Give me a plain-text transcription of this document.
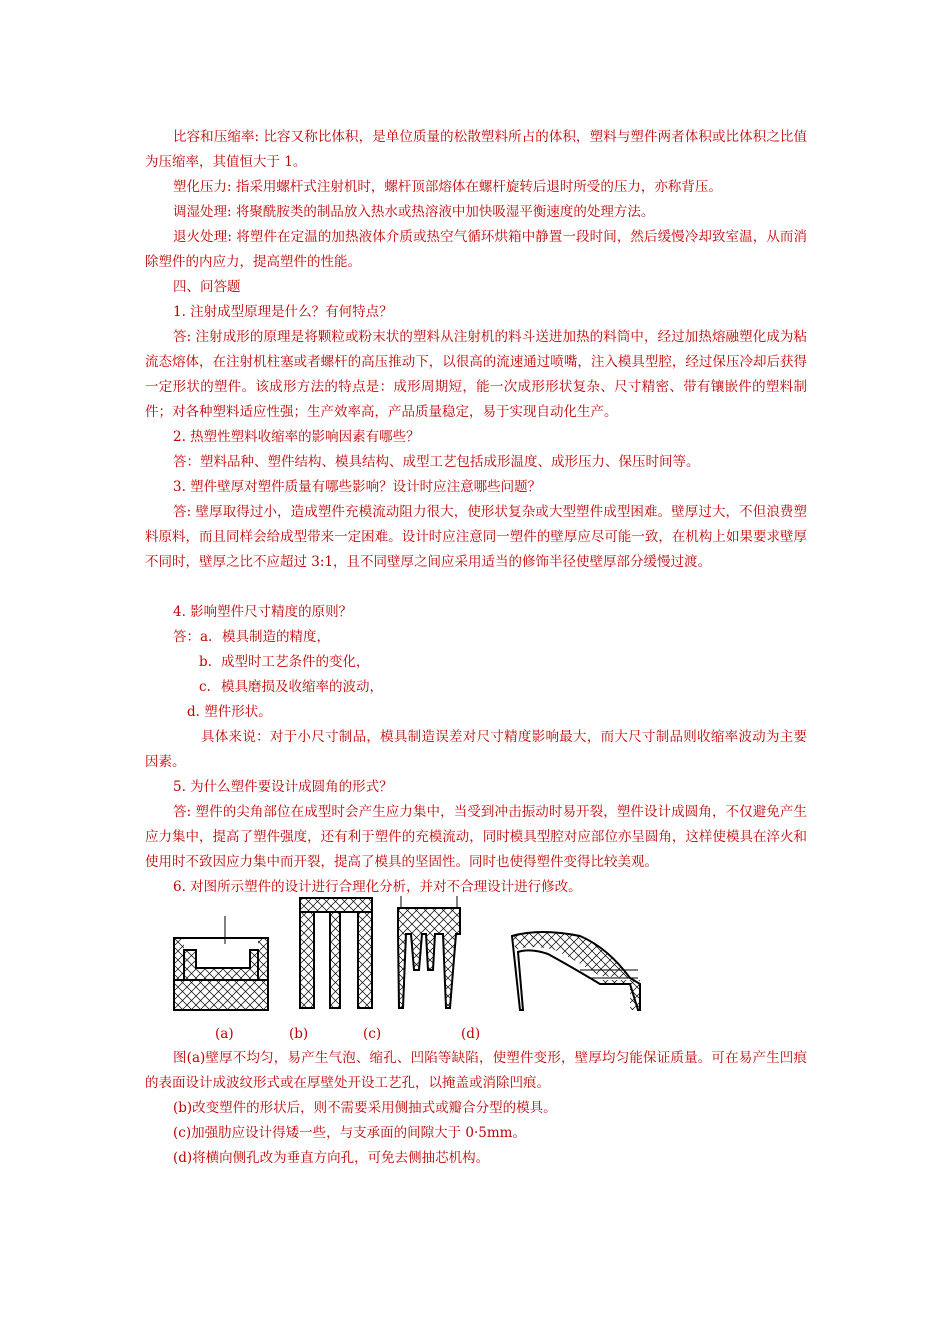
比容和压缩率: 比容又称比体积，是单位质量的松散塑料所占的体积，塑料与塑件两者体积或比体积之比值为压缩率，其值恒大于 1。

塑化压力: 指采用螺杆式注射机时，螺杆顶部熔体在螺杆旋转后退时所受的压力，亦称背压。

调湿处理: 将聚酰胺类的制品放入热水或热溶液中加快吸湿平衡速度的处理方法。

退火处理: 将塑件在定温的加热液体介质或热空气循环烘箱中静置一段时间，然后缓慢冷却致室温，从而消除塑件的内应力，提高塑件的性能。

四、问答题

1. 注射成型原理是什么？有何特点？

答: 注射成形的原理是将颗粒或粉末状的塑料从注射机的料斗送进加热的料筒中，经过加热熔融塑化成为粘流态熔体，在注射机柱塞或者螺杆的高压推动下，以很高的流速通过喷嘴，注入模具型腔，经过保压冷却后获得一定形状的塑件。该成形方法的特点是：成形周期短，能一次成形形状复杂、尺寸精密、带有镶嵌件的塑料制件；对各种塑料适应性强；生产效率高，产品质量稳定，易于实现自动化生产。

2. 热塑性塑料收缩率的影响因素有哪些？

答：塑料品种、塑件结构、模具结构、成型工艺包括成形温度、成形压力、保压时间等。

3. 塑件壁厚对塑件质量有哪些影响？设计时应注意哪些问题？

答: 壁厚取得过小，造成塑件充模流动阻力很大，使形状复杂或大型塑件成型困难。壁厚过大，不但浪费塑料原料，而且同样会给成型带来一定困难。设计时应注意同一塑件的壁厚应尽可能一致，在机构上如果要求壁厚不同时，壁厚之比不应超过 3:1，且不同壁厚之间应采用适当的修饰半径使壁厚部分缓慢过渡。

4. 影响塑件尺寸精度的原则？

答：a. 模具制造的精度，

b. 成型时工艺条件的变化，

c. 模具磨损及收缩率的波动，

d. 塑件形状。

具体来说：对于小尺寸制品，模具制造误差对尺寸精度影响最大，而大尺寸制品则收缩率波动为主要因素。

5. 为什么塑件要设计成圆角的形式？

答: 塑件的尖角部位在成型时会产生应力集中，当受到冲击振动时易开裂，塑件设计成圆角，不仅避免产生应力集中，提高了塑件强度，还有利于塑件的充模流动，同时模具型腔对应部位亦呈圆角，这样使模具在淬火和使用时不致因应力集中而开裂，提高了模具的坚固性。同时也使得塑件变得比较美观。

6. 对图所示塑件的设计进行合理化分析，并对不合理设计进行修改。

(a)	(b)	(c)	(d)

图(a)壁厚不均匀，易产生气泡、缩孔、凹陷等缺陷，使塑件变形，壁厚均匀能保证质量。可在易产生凹痕的表面设计成波纹形式或在厚壁处开设工艺孔，以掩盖或消除凹痕。

(b)改变塑件的形状后，则不需要采用侧抽式或瓣合分型的模具。

(c)加强肋应设计得矮一些，与支承面的间隙大于 0·5mm。

(d)将横向侧孔改为垂直方向孔，可免去侧抽芯机构。
